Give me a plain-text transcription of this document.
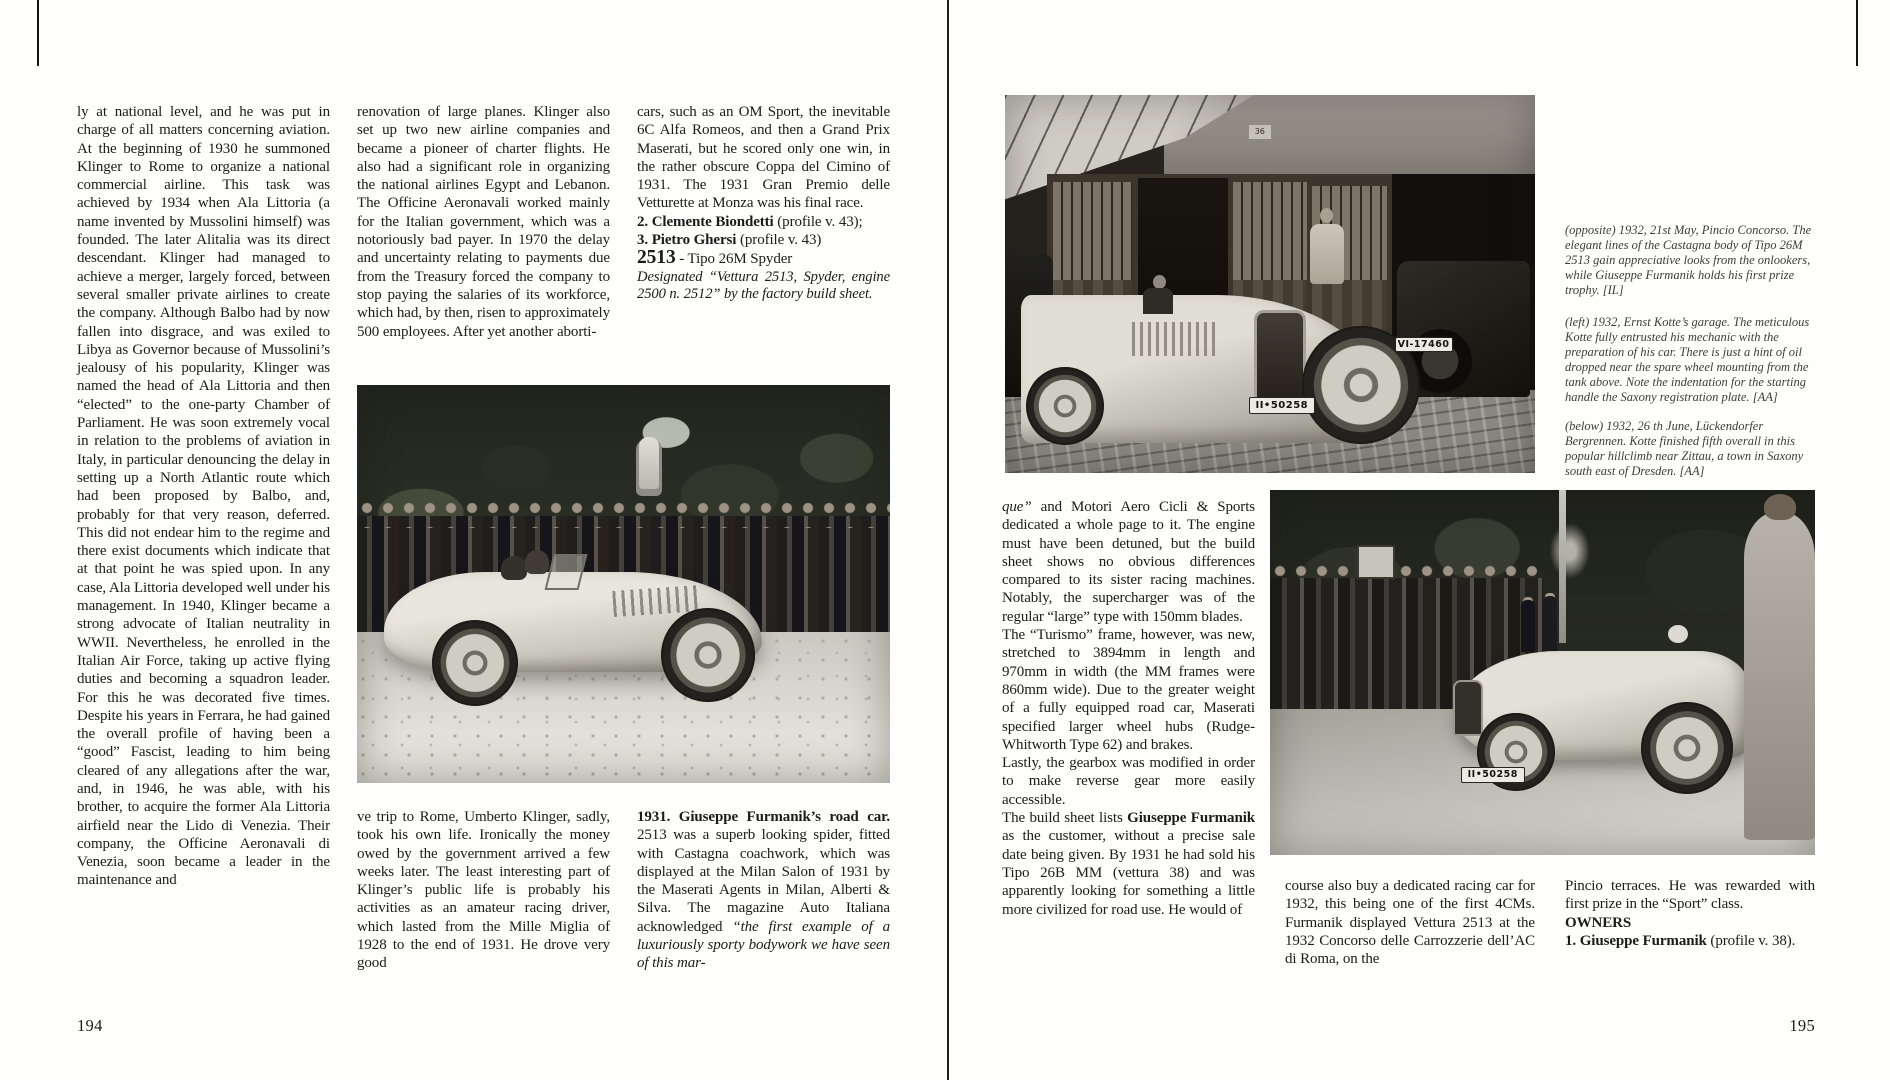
ly at national level, and he was put in charge of all matters concerning aviation. At the beginning of 1930 he summoned Klinger to Rome to organize a national commercial airline. This task was achieved by 1934 when Ala Littoria (a name invented by Mussolini himself) was founded. The later Alitalia was its direct descendant. Klinger had managed to achieve a merger, largely forced, between several smaller private airlines to create the company. Although Balbo had by now fallen into disgrace, and was exiled to Libya as Governor because of Mussolini’s jealousy of his popularity, Klinger was named the head of Ala Littoria and then “elected” to the one-party Chamber of Parliament. He was soon extremely vocal in relation to the problems of aviation in Italy, in particular denouncing the delay in setting up a North Atlantic route which had been proposed by Balbo, and, probably for that very reason, deferred. This did not endear him to the regime and there exist documents which indicate that at that point he was spied upon. In any case, Ala Littoria developed well under his management. In 1940, Klinger became a strong advocate of Italian neutrality in WWII. Nevertheless, he enrolled in the Italian Air Force, taking up active flying duties and becoming a squadron leader. For this he was decorated five times. Despite his years in Ferrara, he had gained the overall profile of having been a “good” Fascist, leading to him being cleared of any allegations after the war, and, in 1946, he was able, with his brother, to acquire the former Ala Littoria airfield near the Lido di Venezia. Their company, the Officine Aeronavali di Venezia, soon became a leader in the maintenance and

renovation of large planes. Klinger also set up two new airline companies and became a pioneer of charter flights. He also had a significant role in organizing the national airlines Egypt and Lebanon. The Officine Aeronavali worked mainly for the Italian government, which was a notoriously bad payer. In 1970 the delay and uncertainty relating to payments due from the Treasury forced the company to stop paying the salaries of its workforce, which had, by then, risen to approximately 500 employees. After yet another aborti-

cars, such as an OM Sport, the inevitable 6C Alfa Romeos, and then a Grand Prix Maserati, but he scored only one win, in the rather obscure Coppa del Cimino of 1931. The 1931 Gran Premio delle Vetturette at Monza was his final race.

2. Clemente Biondetti (profile v. 43);

3. Pietro Ghersi (profile v. 43)

2513 - Tipo 26M Spyder

Designated “Vettura 2513, Spyder, engine 2500 n. 2512” by the factory build sheet.

ve trip to Rome, Umberto Klinger, sadly, took his own life. Ironically the money owed by the government arrived a few weeks later. The least interesting part of Klinger’s public life is probably his activities as an amateur racing driver, which lasted from the Mille Miglia of 1928 to the end of 1931. He drove very good

1931. Giuseppe Furmanik’s road car. 2513 was a superb looking spider, fitted with Castagna coachwork, which was displayed at the Milan Salon of 1931 by the Maserati Agents in Milan, Alberti & Silva. The magazine Auto Italiana acknowledged “the first example of a luxuriously sporty bodywork we have seen of this mar-

194
36
VI-17460
II•50258
(opposite) 1932, 21st May, Pincio Concorso. The elegant lines of the Castagna body of Tipo 26M 2513 gain appreciative looks from the onlookers, while Giuseppe Furmanik holds his first prize trophy. [IL]
(left) 1932, Ernst Kotte’s garage. The meticulous Kotte fully entrusted his mechanic with the preparation of his car. There is just a hint of oil dropped near the spare wheel mounting from the tank above. Note the indentation for the starting handle the Saxony registration plate. [AA]
(below) 1932, 26 th June, Lückendorfer Bergrennen. Kotte finished fifth overall in this popular hillclimb near Zittau, a town in Saxony south east of Dresden. [AA]

que” and Motori Aero Cicli & Sports dedicated a whole page to it. The engine must have been detuned, but the build sheet shows no obvious differences compared to its sister racing machines. Notably, the supercharger was of the regular “large” type with 150mm blades.

The “Turismo” frame, however, was new, stretched to 3894mm in length and 970mm in width (the MM frames were 860mm wide). Due to the greater weight of a fully equipped road car, Maserati specified larger wheel hubs (Rudge-Whitworth Type 62) and brakes.

Lastly, the gearbox was modified in order to make reverse gear more easily accessible.

The build sheet lists Giuseppe Furmanik as the customer, without a precise sale date being given. By 1931 he had sold his Tipo 26B MM (vettura 38) and was apparently looking for something a little more civilized for road use. He would of

II•50258

course also buy a dedicated racing car for 1932, this being one of the first 4CMs. Furmanik displayed Vettura 2513 at the 1932 Concorso delle Carrozzerie dell’AC di Roma, on the

Pincio terraces. He was rewarded with first prize in the “Sport” class.

OWNERS

1. Giuseppe Furmanik (profile v. 38).

195
